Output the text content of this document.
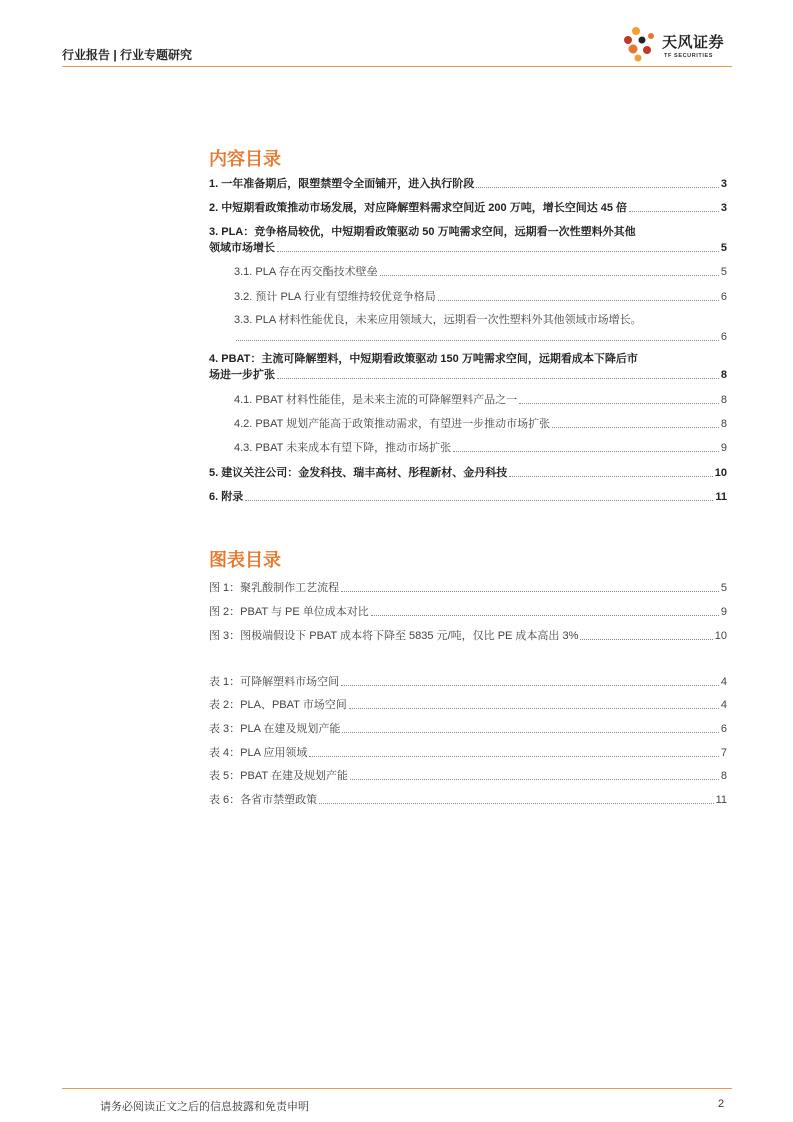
行业报告 | 行业专题研究
天风证券
TF SECURITIES
内容目录
1. 一年准备期后，限塑禁塑令全面铺开，进入执行阶段	3
2. 中短期看政策推动市场发展，对应降解塑料需求空间近 200 万吨，增长空间达 45 倍	3
3. PLA：竞争格局较优，中短期看政策驱动 50 万吨需求空间，远期看一次性塑料外其他
领域市场增长	5
3.1. PLA 存在丙交酯技术壁垒	5
3.2. 预计 PLA 行业有望维持较优竞争格局	6
3.3. PLA 材料性能优良，未来应用领域大，远期看一次性塑料外其他领域市场增长。
6
4. PBAT：主流可降解塑料，中短期看政策驱动 150 万吨需求空间，远期看成本下降后市
场进一步扩张	8
4.1. PBAT 材料性能佳，是未来主流的可降解塑料产品之一	8
4.2. PBAT 规划产能高于政策推动需求，有望进一步推动市场扩张	8
4.3. PBAT 未来成本有望下降，推动市场扩张	9
5. 建议关注公司：金发科技、瑞丰高材、彤程新材、金丹科技	10
6. 附录	11
图表目录
图 1：聚乳酸制作工艺流程	5
图 2：PBAT 与 PE 单位成本对比	9
图 3：图极端假设下 PBAT 成本将下降至 5835 元/吨，仅比 PE 成本高出 3%	10
表 1：可降解塑料市场空间	4
表 2：PLA、PBAT 市场空间	4
表 3：PLA 在建及规划产能	6
表 4：PLA 应用领域	7
表 5：PBAT 在建及规划产能	8
表 6：各省市禁塑政策	11
请务必阅读正文之后的信息披露和免责申明	2
